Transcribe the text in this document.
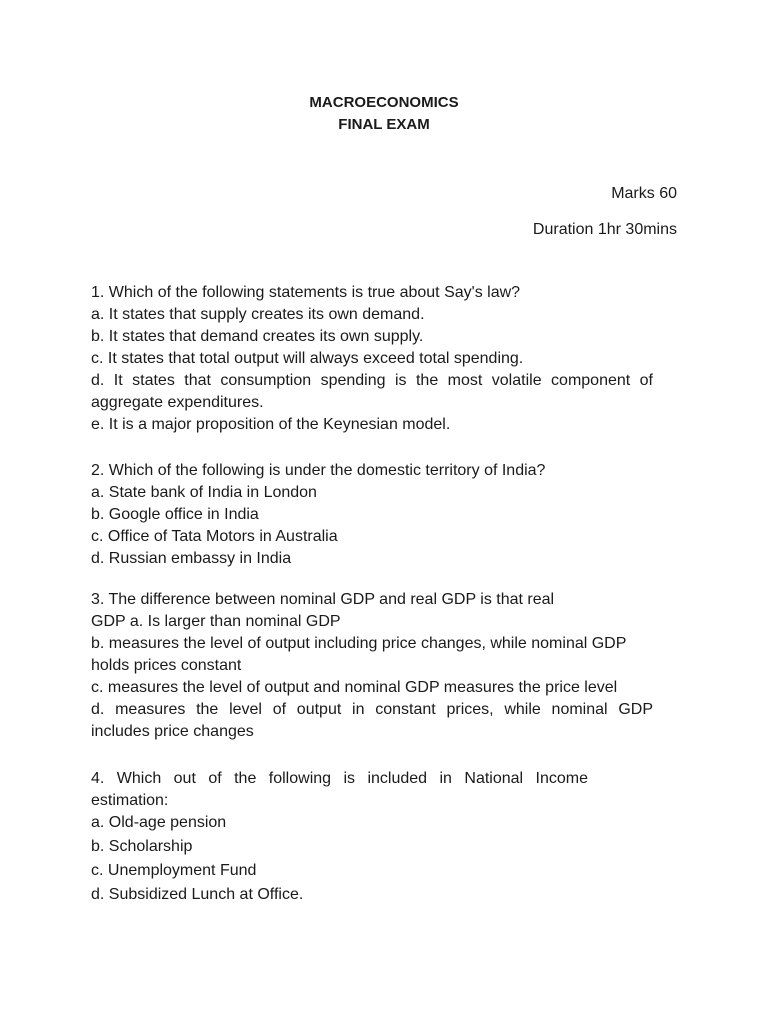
MACROECONOMICS
FINAL EXAM
Marks 60
Duration 1hr 30mins
1. Which of the following statements is true about Say's law?
a. It states that supply creates its own demand.
b. It states that demand creates its own supply.
c. It states that total output will always exceed total spending.
d. It states that consumption spending is the most volatile component of
aggregate expenditures.
e. It is a major proposition of the Keynesian model.
2. Which of the following is under the domestic territory of India?
a. State bank of India in London
b. Google office in India
c. Office of Tata Motors in Australia
d. Russian embassy in India
3. The difference between nominal GDP and real GDP is that real
GDP a. Is larger than nominal GDP
b. measures the level of output including price changes, while nominal GDP
holds prices constant
c. measures the level of output and nominal GDP measures the price level
d. measures the level of output in constant prices, while nominal GDP
includes price changes
4. Which out of the following is included in National Income
estimation:
a. Old-age pension
b. Scholarship
c. Unemployment Fund
d. Subsidized Lunch at Office.
